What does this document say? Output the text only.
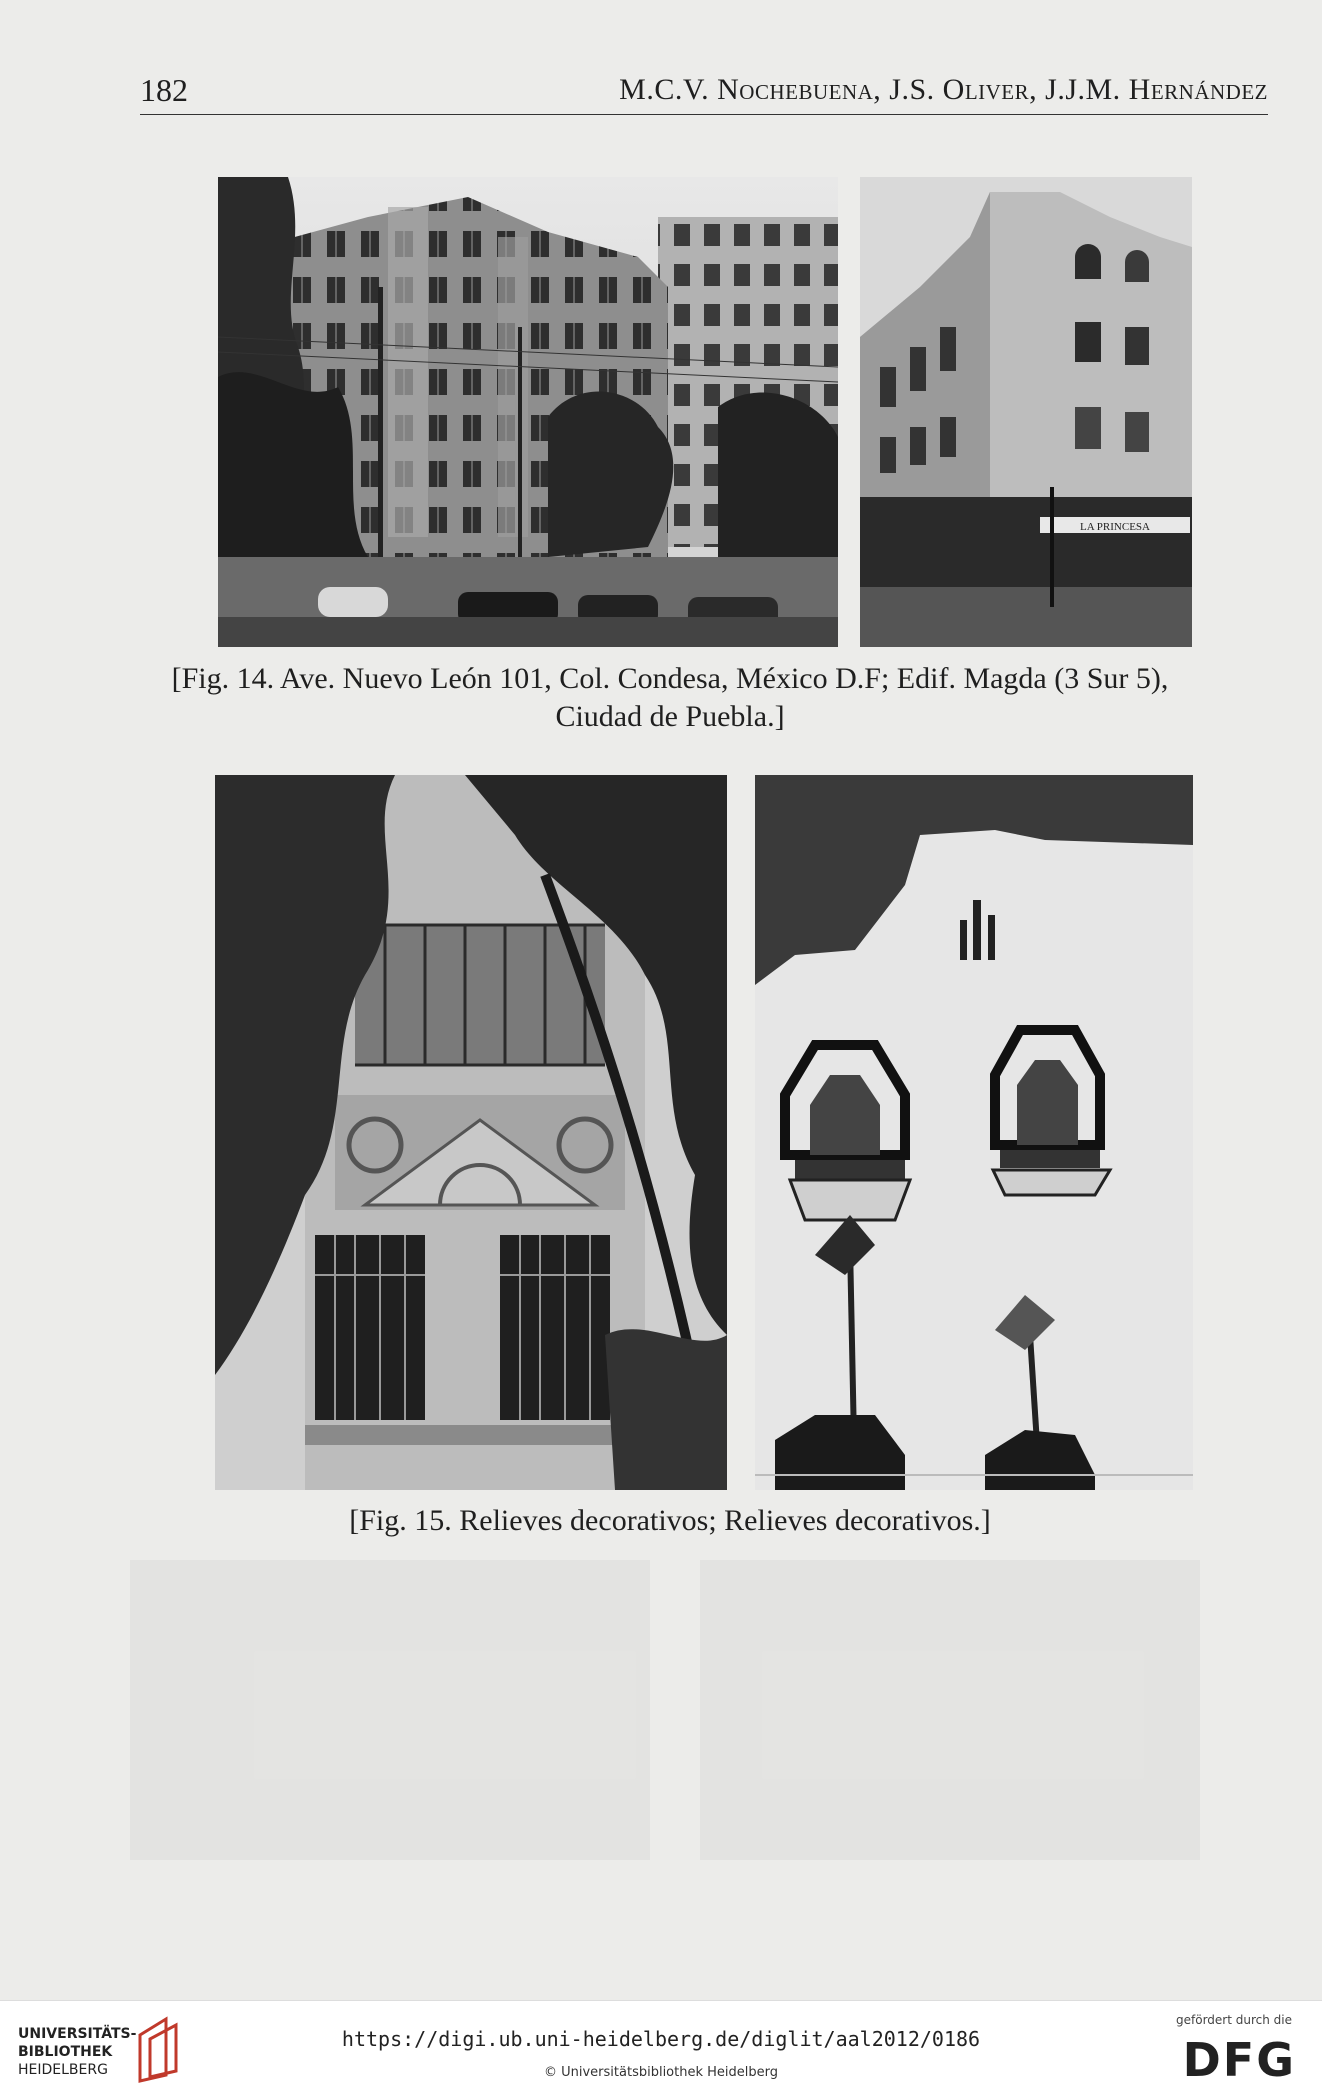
182	M.C.V. Nochebuena, J.S. Oliver, J.J.M. Hernández
LA PRINCESA
[Fig. 14. Ave. Nuevo León 101, Col. Condesa, México D.F; Edif. Magda (3 Sur 5),
Ciudad de Puebla.]
[Fig. 15. Relieves decorativos; Relieves decorativos.]
UNIVERSITÄTS-
BIBLIOTHEK
HEIDELBERG
https://digi.ub.uni-heidelberg.de/diglit/aal2012/0186
© Universitätsbibliothek Heidelberg
gefördert durch die
DFG
